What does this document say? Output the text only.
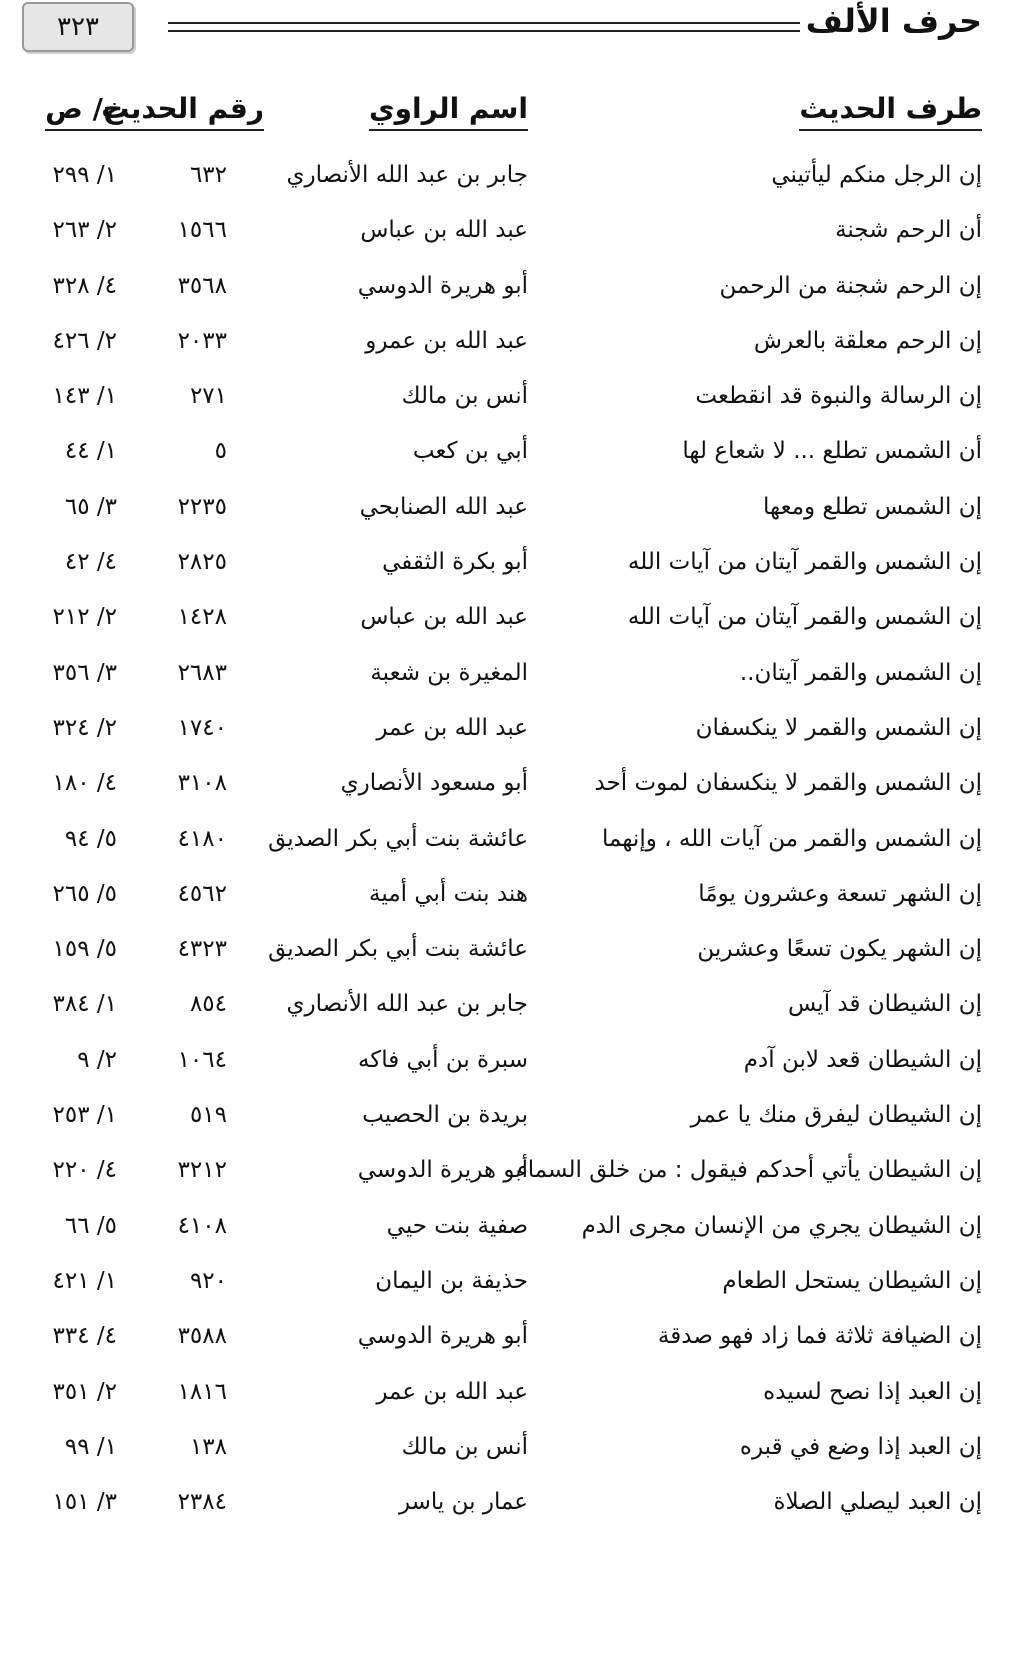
٣٢٣	حرف الألف
طرف الحديث
اسم الراوي
رقم الحديث
ج/ ص
إن الرجل منكم ليأتيني
جابر بن عبد الله الأنصاري
٦٣٢
١/ ٢٩٩
أن الرحم شجنة
عبد الله بن عباس
١٥٦٦
٢/ ٢٦٣
إن الرحم شجنة من الرحمن
أبو هريرة الدوسي
٣٥٦٨
٤/ ٣٢٨
إن الرحم معلقة بالعرش
عبد الله بن عمرو
٢٠٣٣
٢/ ٤٢٦
إن الرسالة والنبوة قد انقطعت
أنس بن مالك
٢٧١
١/ ١٤٣
أن الشمس تطلع ... لا شعاع لها
أبي بن كعب
٥
١/ ٤٤
إن الشمس تطلع ومعها
عبد الله الصنابحي
٢٢٣٥
٣/ ٦٥
إن الشمس والقمر آيتان من آيات الله
أبو بكرة الثقفي
٢٨٢٥
٤/ ٤٢
إن الشمس والقمر آيتان من آيات الله
عبد الله بن عباس
١٤٢٨
٢/ ٢١٢
إن الشمس والقمر آيتان..
المغيرة بن شعبة
٢٦٨٣
٣/ ٣٥٦
إن الشمس والقمر لا ينكسفان
عبد الله بن عمر
١٧٤٠
٢/ ٣٢٤
إن الشمس والقمر لا ينكسفان لموت أحد
أبو مسعود الأنصاري
٣١٠٨
٤/ ١٨٠
إن الشمس والقمر من آيات الله ، وإنهما
عائشة بنت أبي بكر الصديق
٤١٨٠
٥/ ٩٤
إن الشهر تسعة وعشرون يومًا
هند بنت أبي أمية
٤٥٦٢
٥/ ٢٦٥
إن الشهر يكون تسعًا وعشرين
عائشة بنت أبي بكر الصديق
٤٣٢٣
٥/ ١٥٩
إن الشيطان قد آيس
جابر بن عبد الله الأنصاري
٨٥٤
١/ ٣٨٤
إن الشيطان قعد لابن آدم
سبرة بن أبي فاكه
١٠٦٤
٢/ ٩
إن الشيطان ليفرق منك يا عمر
بريدة بن الحصيب
٥١٩
١/ ٢٥٣
إن الشيطان يأتي أحدكم فيقول : من خلق السماء
أبو هريرة الدوسي
٣٢١٢
٤/ ٢٢٠
إن الشيطان يجري من الإنسان مجرى الدم
صفية بنت حيي
٤١٠٨
٥/ ٦٦
إن الشيطان يستحل الطعام
حذيفة بن اليمان
٩٢٠
١/ ٤٢١
إن الضيافة ثلاثة فما زاد فهو صدقة
أبو هريرة الدوسي
٣٥٨٨
٤/ ٣٣٤
إن العبد إذا نصح لسيده
عبد الله بن عمر
١٨١٦
٢/ ٣٥١
إن العبد إذا وضع في قبره
أنس بن مالك
١٣٨
١/ ٩٩
إن العبد ليصلي الصلاة
عمار بن ياسر
٢٣٨٤
٣/ ١٥١
